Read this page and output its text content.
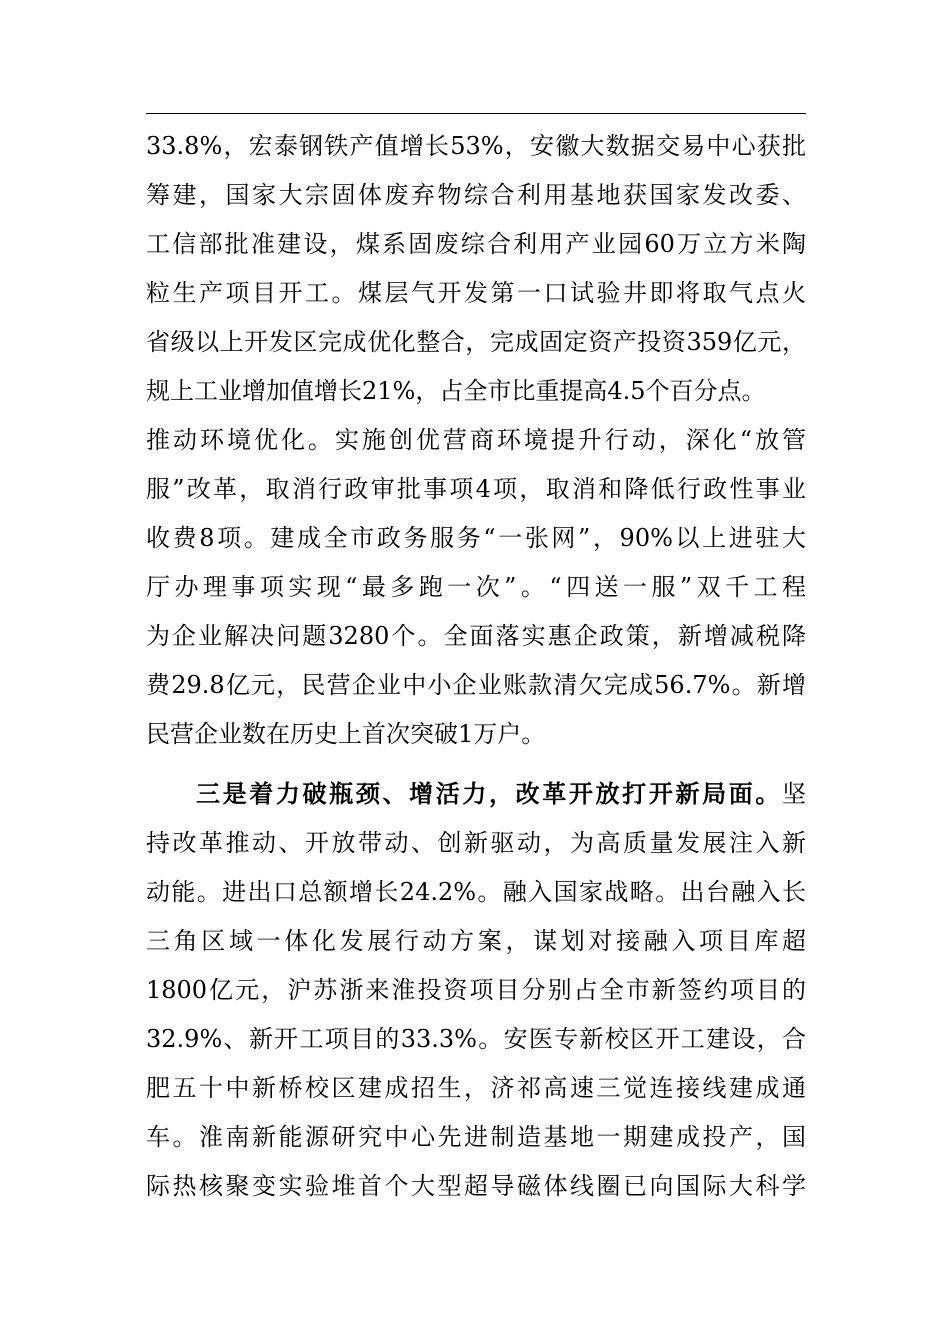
33.8%，宏泰钢铁产值增长53%，安徽大数据交易中心获批
筹建，国家大宗固体废弃物综合利用基地获国家发改委、
工信部批准建设，煤系固废综合利用产业园60万立方米陶
粒生产项目开工。煤层气开发第一口试验井即将取气点火
省级以上开发区完成优化整合，完成固定资产投资359亿元，
规上工业增加值增长21%，占全市比重提高4.5个百分点。
推动环境优化。实施创优营商环境提升行动，深化“放管
服”改革，取消行政审批事项4项，取消和降低行政性事业
收费8项。建成全市政务服务“一张网”，90%以上进驻大
厅办理事项实现“最多跑一次”。“四送一服”双千工程
为企业解决问题3280个。全面落实惠企政策，新增减税降
费29.8亿元，民营企业中小企业账款清欠完成56.7%。新增
民营企业数在历史上首次突破1万户。
三是着力破瓶颈、增活力，改革开放打开新局面。坚
持改革推动、开放带动、创新驱动，为高质量发展注入新
动能。进出口总额增长24.2%。融入国家战略。出台融入长
三角区域一体化发展行动方案，谋划对接融入项目库超
1800亿元，沪苏浙来淮投资项目分别占全市新签约项目的
32.9%、新开工项目的33.3%。安医专新校区开工建设，合
肥五十中新桥校区建成招生，济祁高速三觉连接线建成通
车。淮南新能源研究中心先进制造基地一期建成投产，国
际热核聚变实验堆首个大型超导磁体线圈已向国际大科学
